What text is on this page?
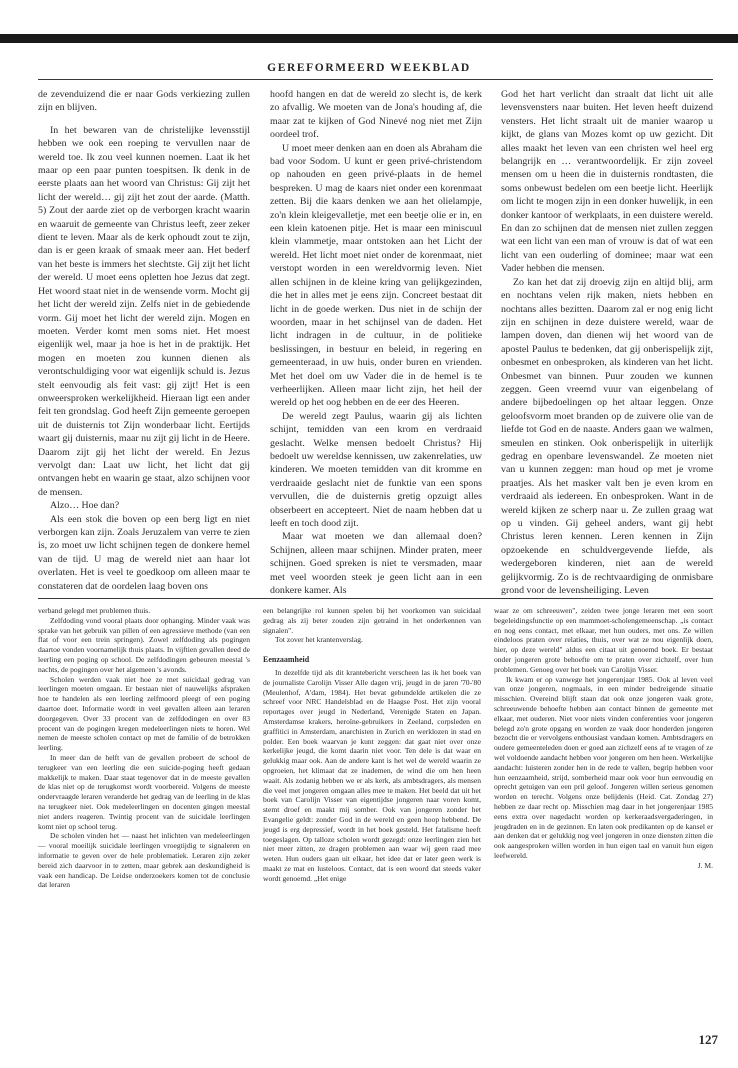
GEREFORMEERD WEEKBLAD

de zevenduizend die er naar Gods verkiezing zullen zijn en blijven.

In het bewaren van de christelijke levensstijl hebben we ook een roeping te vervullen naar de wereld toe. Ik zou veel kunnen noemen. Laat ik het maar op een paar punten toespitsen. Ik denk in de eerste plaats aan het woord van Christus: Gij zijt het licht der wereld… gij zijt het zout der aarde. (Matth. 5) Zout der aarde ziet op de verborgen kracht waarin en waaruit de gemeente van Christus leeft, zeer zeker dient te leven. Maar als de kerk ophoudt zout te zijn, dan is er geen kraak of smaak meer aan. Het bederf van het beste is immers het slechtste. Gij zijt het licht der wereld. U moet eens opletten hoe Jezus dat zegt. Het woord staat niet in de wensende vorm. Mocht gij het licht der wereld zijn. Zelfs niet in de gebiedende vorm. Gij moet het licht der wereld zijn. Mogen en moeten. Verder komt men soms niet. Het moest eigenlijk wel, maar ja hoe is het in de praktijk. Het mogen en moeten zou kunnen dienen als verontschuldiging voor wat eigenlijk schuld is. Jezus stelt eenvoudig als feit vast: gij zijt! Het is een onweersproken werkelijkheid. Hieraan ligt een ander feit ten grondslag. God heeft Zijn gemeente geroepen uit de duisternis tot Zijn wonderbaar licht. Eertijds waart gij duisternis, maar nu zijt gij licht in de Heere. Daarom zijt gij het licht der wereld. En Jezus vervolgt dan: Laat uw licht, het licht dat gij ontvangen hebt en waarin ge staat, alzo schijnen voor de mensen.

Alzo… Hoe dan?

Als een stok die boven op een berg ligt en niet verborgen kan zijn. Zoals Jeruzalem van verre te zien is, zo moet uw licht schijnen tegen de donkere hemel van de tijd. U mag de wereld niet aan haar lot overlaten. Het is veel te goedkoop om alleen maar te constateren dat de oordelen laag boven ons

hoofd hangen en dat de wereld zo slecht is, de kerk zo afvallig. We moeten van de Jona's houding af, die maar zat te kijken of God Ninevé nog niet met Zijn oordeel trof.

U moet meer denken aan en doen als Abraham die bad voor Sodom. U kunt er geen privé-christendom op nahouden en geen privé-plaats in de hemel bespreken. U mag de kaars niet onder een korenmaat zetten. Bij die kaars denken we aan het olielampje, zo'n klein kleigevalletje, met een beetje olie er in, en een klein katoenen pitje. Het is maar een miniscuul klein vlammetje, maar ontstoken aan het Licht der wereld. Het licht moet niet onder de korenmaat, niet verstopt worden in een wereldvormig leven. Niet allen schijnen in de kleine kring van gelijkgezinden, die het in alles met je eens zijn. Concreet bestaat dit licht in de goede werken. Dus niet in de schijn der woorden, maar in het schijnsel van de daden. Het licht indragen in de cultuur, in de politieke beslissingen, in bestuur en beleid, in regering en gemeenteraad, in uw huis, onder buren en vrienden. Met het doel om uw Vader die in de hemel is te verheerlijken. Alleen maar licht zijn, het heil der wereld op het oog hebben en de eer des Heeren.

De wereld zegt Paulus, waarin gij als lichten schijnt, temidden van een krom en verdraaid geslacht. Welke mensen bedoelt Christus? Hij bedoelt uw wereldse kennissen, uw zakenrelaties, uw kinderen. We moeten temidden van dit kromme en verdraaide geslacht niet de funktie van een spons vervullen, die de duisternis gretig opzuigt alles obserbeert en accepteert. Niet de naam hebben dat u leeft en toch dood zijt.

Maar wat moeten we dan allemaal doen? Schijnen, alleen maar schijnen. Minder praten, meer schijnen. Goed spreken is niet te versmaden, maar met veel woorden steek je geen licht aan in een donkere kamer. Als

God het hart verlicht dan straalt dat licht uit alle levensvensters naar buiten. Het leven heeft duizend vensters. Het licht straalt uit de manier waarop u kijkt, de glans van Mozes komt op uw gezicht. Dit alles maakt het leven van een christen wel heel erg belangrijk en … verantwoordelijk. Er zijn zoveel mensen om u heen die in duisternis rondtasten, die soms onbewust bedelen om een beetje licht. Heerlijk om licht te mogen zijn in een donker huwelijk, in een donker kantoor of werkplaats, in een duistere wereld. En dan zo schijnen dat de mensen niet zullen zeggen wat een licht van een man of vrouw is dat of wat een licht van een ouderling of dominee; maar wat een Vader hebben die mensen.

Zo kan het dat zij droevig zijn en altijd blij, arm en nochtans velen rijk maken, niets hebben en nochtans alles bezitten. Daarom zal er nog enig licht zijn en schijnen in deze duistere wereld, waar de lampen doven, dan dienen wij het woord van de apostel Paulus te bedenken, dat gij onberispelijk zijt, onbesmet en onbesproken, als kinderen van het licht. Onbesmet van binnen. Puur zouden we kunnen zeggen. Geen vreemd vuur van eigenbelang of andere bijbedoelingen op het altaar leggen. Onze geloofsvorm moet branden op de zuivere olie van de liefde tot God en de naaste. Anders gaan we walmen, smeulen en stinken. Ook onberispelijk in uiterlijk gedrag en openbare levenswandel. Ze moeten niet van u kunnen zeggen: man houd op met je vrome praatjes. Als het masker valt ben je even krom en verdraaid als iedereen. En onbesproken. Want in de wereld kijken ze scherp naar u. Ze zullen graag wat op u vinden. Gij geheel anders, want gij hebt Christus leren kennen. Leren kennen in Zijn opzoekende en schuldvergevende liefde, als wedergeboren kinderen, niet aan de wereld gelijkvormig. Zo is de rechtvaardiging de onmisbare grond voor de levensheiliging. Leven

verband gelegd met problemen thuis.

Zelfdoding vond vooral plaats door ophanging. Minder vaak was sprake van het gebruik van pillen of een agressieve methode (van een flat of voor een trein springen). Zowel zelfdoding als pogingen daartoe vonden voornamelijk thuis plaats. In vijftien gevallen deed de leerling een poging op school. De zelfdodingen gebeuren meestal 's nachts, de pogingen over het algemeen 's avonds.

Scholen werden vaak niet hoe ze met suicidaal gedrag van leerlingen moeten omgaan. Er bestaan niet of nauwelijks afspraken hoe te handelen als een leerling zelfmoord pleegt of een poging daartoe doet. Informatie wordt in veel gevallen alleen aan leraren doorgegeven. Over 33 procent van de zelfdodingen en over 83 procent van de pogingen kregen medeleerlingen niets te horen. Wel nemen de meeste scholen contact op met de familie of de betrokken leerling.

In meer dan de helft van de gevallen probeert de school de terugkeer van een leerling die een suicide-poging heeft gedaan makkelijk te maken. Daar staat tegenover dat in de meeste gevallen de klas niet op de terugkomst wordt voorbereid. Volgens de meeste ondervraagde leraren veranderde het gedrag van de leerling in de klas na terugkeer niet. Ook medeleerlingen en docenten gingen meestal niet anders reageren. Twintig procent van de suicidale leerlingen komt niet op school terug.

De scholen vinden het — naast het inlichten van medeleerlingen — vooral moeilijk suicidale leerlingen vroegtijdig te signaleren en informatie te geven over de hele problematiek. Leraren zijn zeker bereid zich daarvoor in te zetten, maar gebrek aan deskundigheid is vaak een handicap. De Leidse onderzoekers komen tot de conclusie dat leraren

een belangrijke rol kunnen spelen bij het voorkomen van suicidaal gedrag als zij beter zouden zijn getraind in het onderkennen van signalen".

Tot zover het krantenverslag.

Eenzaamheid

In dezelfde tijd als dit krantebericht verscheen las ik het boek van de journaliste Carolijn Visser Alle dagen vrij, jeugd in de jaren '70-'80 (Meulenhof, A'dam, 1984). Het bevat gebundelde artikelen die ze schreef voor NRC Handelsblad en de Haagse Post. Het zijn vooral reportages over jeugd in Nederland, Verenigde Staten en Japan. Amsterdamse krakers, heroïne-gebruikers in Zeeland, corpsleden en graffitici in Amsterdam, anarchisten in Zurich en werklozen in stad en polder. Een boek waarvan je kunt zeggen: dat gaat niet over onze kerkelijke jeugd, die komt daarin niet voor. Ten dele is dat waar en gelukkig maar ook. Aan de andere kant is het wel de wereld waarin ze opgroeien, het klimaat dat ze inademen, de wind die om hen heen waait. Als zodanig hebben we er als kerk, als ambtsdragers, als mensen die veel met jongeren omgaan alles mee te maken. Het beeld dat uit het boek van Carolijn Visser van eigentijdse jongeren naar voren komt, stemt droef en maakt mij somber. Ook van jongeren zonder het Evangelie geldt: zonder God in de wereld en geen hoop hebbend. De jeugd is erg depressief, wordt in het boek gesteld. Het fatalisme heeft toegeslagen. Op talloze scholen wordt gezegd: onze leerlingen zien het niet meer zitten, ze dragen problemen aan waar wij geen raad mee weten. Hun ouders gaan uit elkaar, het idee dat er later geen werk is maakt ze mat en lusteloos. Contact, dat is een woord dat steeds vaker wordt genoemd. „Het enige

waar ze om schreeuwen", zeiden twee jonge leraren met een soort begeleidingsfunctie op een mammoet-scholengemeenschap. „is contact en nog eens contact, met elkaar, met hun ouders, met ons. Ze willen eindeloos praten over relaties, thuis, over wat ze nou eigenlijk doen, hier, op deze wereld" aldus een citaat uit genoemd boek. Er bestaat onder jongeren grote behoefte om te praten over zichzelf, over hun problemen. Genoeg over het boek van Carolijn Visser.

Ik kwam er op vanwege het jongerenjaar 1985. Ook al leven veel van onze jongeren, nogmaals, in een minder bedreigende situatie misschien. Overeind blijft staan dat ook onze jongeren vaak grote, schreeuwende behoefte hebben aan contact binnen de gemeente met elkaar, met ouderen. Niet voor niets vinden conferenties voor jongeren belegd zo'n grote opgang en worden ze vaak door honderden jongeren bezocht die er vervolgens enthousiast vandaan komen. Ambtsdragers en oudere gemeenteleden doen er goed aan zichzelf eens af te vragen of ze wel voldoende aandacht hebben voor jongeren om hen heen. Werkelijke aandacht: luisteren zonder hen in de rede te vallen, begrip hebben voor hun eenzaamheid, strijd, somberheid maar ook voor hun eenvoudig en oprecht getuigen van een pril geloof. Jongeren willen serieus genomen worden en terecht. Volgens onze belijdenis (Heid. Cat. Zondag 27) hebben ze daar recht op. Misschien mag daar in het jongerenjaar 1985 eens extra over nagedacht worden op kerkeraadsvergaderingen, in jeugdraden en in de gezinnen. En laten ook predikanten op de kansel er aan denken dat er gelukkig nog veel jongeren in onze diensten zitten die ook aangesproken willen worden in hun eigen taal en vanuit hun eigen leefwereld.

J. M.

127
